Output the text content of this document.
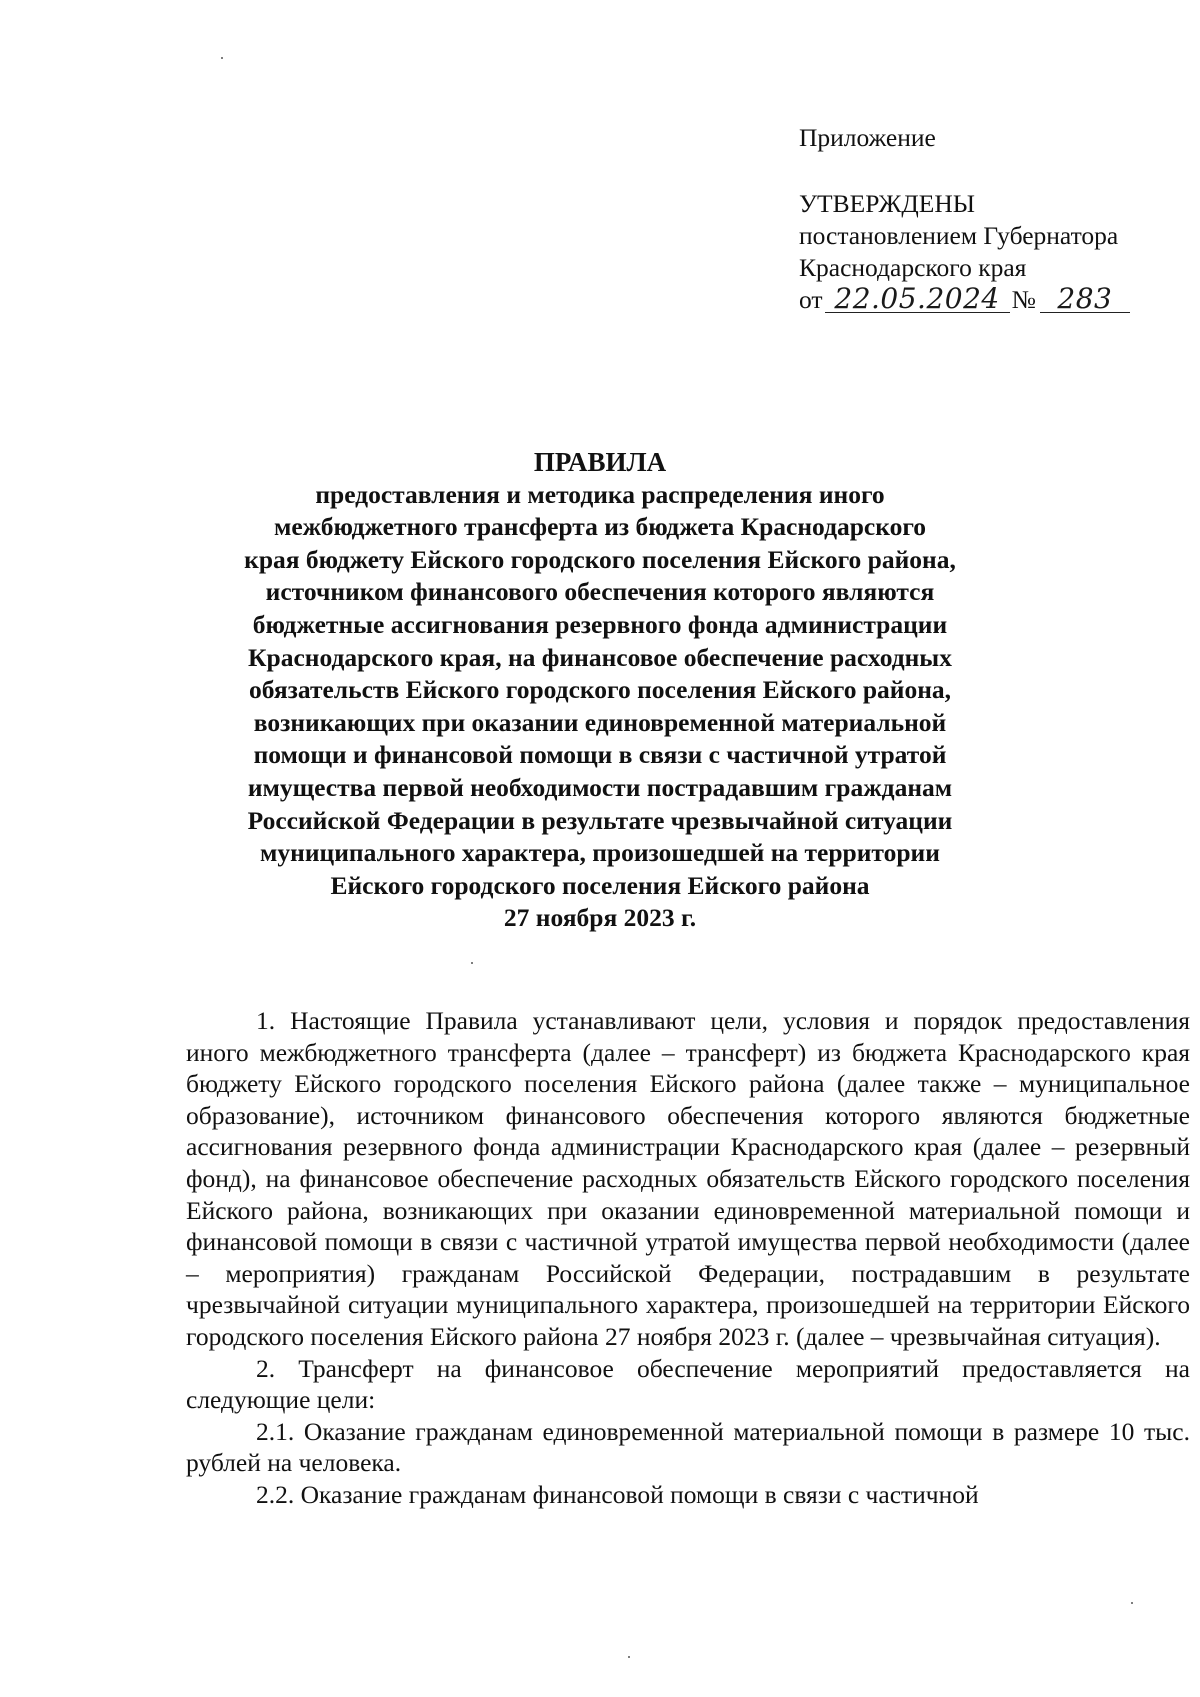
Приложение
УТВЕРЖДЕНЫ
постановлением Губернатора
Краснодарского края
от 22.05.2024 № 283
ПРАВИЛА
предоставления и методика распределения иного
межбюджетного трансферта из бюджета Краснодарского
края бюджету Ейского городского поселения Ейского района,
источником финансового обеспечения которого являются
бюджетные ассигнования резервного фонда администрации
Краснодарского края, на финансовое обеспечение расходных
обязательств Ейского городского поселения Ейского района,
возникающих при оказании единовременной материальной
помощи и финансовой помощи в связи с частичной утратой
имущества первой необходимости пострадавшим гражданам
Российской Федерации в результате чрезвычайной ситуации
муниципального характера, произошедшей на территории
Ейского городского поселения Ейского района
27 ноября 2023 г.

1. Настоящие Правила устанавливают цели, условия и порядок предоставления иного межбюджетного трансферта (далее – трансферт) из бюджета Краснодарского края бюджету Ейского городского поселения Ейского района (далее также – муниципальное образование), источником финансового обеспечения которого являются бюджетные ассигнования резервного фонда администрации Краснодарского края (далее – резервный фонд), на финансовое обеспечение расходных обязательств Ейского городского поселения Ейского района, возникающих при оказании единовременной материальной помощи и финансовой помощи в связи с частичной утратой имущества первой необходимости (далее – мероприятия) гражданам Российской Федерации, пострадавшим в результате чрезвычайной ситуации муниципального характера, произошедшей на территории Ейского городского поселения Ейского района 27 ноября 2023 г. (далее – чрезвычайная ситуация).

2. Трансферт на финансовое обеспечение мероприятий предоставляется на следующие цели:

2.1. Оказание гражданам единовременной материальной помощи в размере 10 тыс. рублей на человека.

2.2. Оказание гражданам финансовой помощи в связи с частичной
